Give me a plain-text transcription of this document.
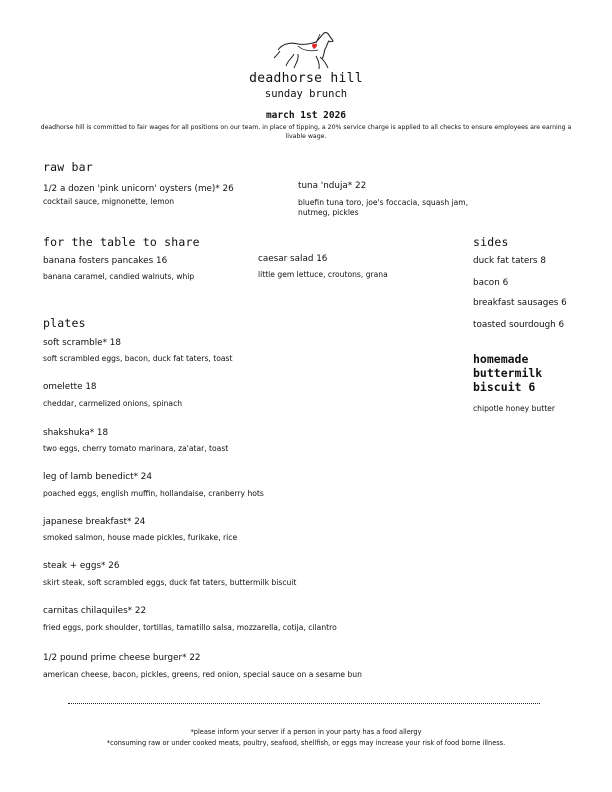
deadhorse hill
sunday brunch
march 1st 2026
deadhorse hill is committed to fair wages for all positions on our team. in place of tipping, a 20% service charge is applied to all checks to ensure employees are earning a livable wage.
raw bar
1/2 a dozen 'pink unicorn' oysters (me)* 26
cocktail sauce, mignonette, lemon
tuna 'nduja* 22
bluefin tuna toro, joe's foccacia, squash jam, nutmeg, pickles
for the table to share
banana fosters pancakes 16
banana caramel, candied walnuts, whip
caesar salad 16
little gem lettuce, croutons, grana
sides
duck fat taters 8
bacon 6
breakfast sausages 6
toasted sourdough 6
homemade
buttermilk
biscuit 6
chipotle honey butter
plates
soft scramble* 18
soft scrambled eggs, bacon, duck fat taters, toast
omelette 18
cheddar, carmelized onions, spinach
shakshuka* 18
two eggs, cherry tomato marinara, za'atar, toast
leg of lamb benedict* 24
poached eggs, english muffin, hollandaise, cranberry hots
japanese breakfast* 24
smoked salmon, house made pickles, furikake, rice
steak + eggs* 26
skirt steak, soft scrambled eggs, duck fat taters, buttermilk biscuit
carnitas chilaquiles* 22
fried eggs, pork shoulder, tortillas, tamatillo salsa, mozzarella, cotija, cilantro
1/2 pound prime cheese burger* 22
american cheese, bacon, pickles, greens, red onion, special sauce on a sesame bun
*please inform your server if a person in your party has a food allergy
*consuming raw or under cooked meats, poultry, seafood, shellfish, or eggs may increase your risk of food borne illness.
